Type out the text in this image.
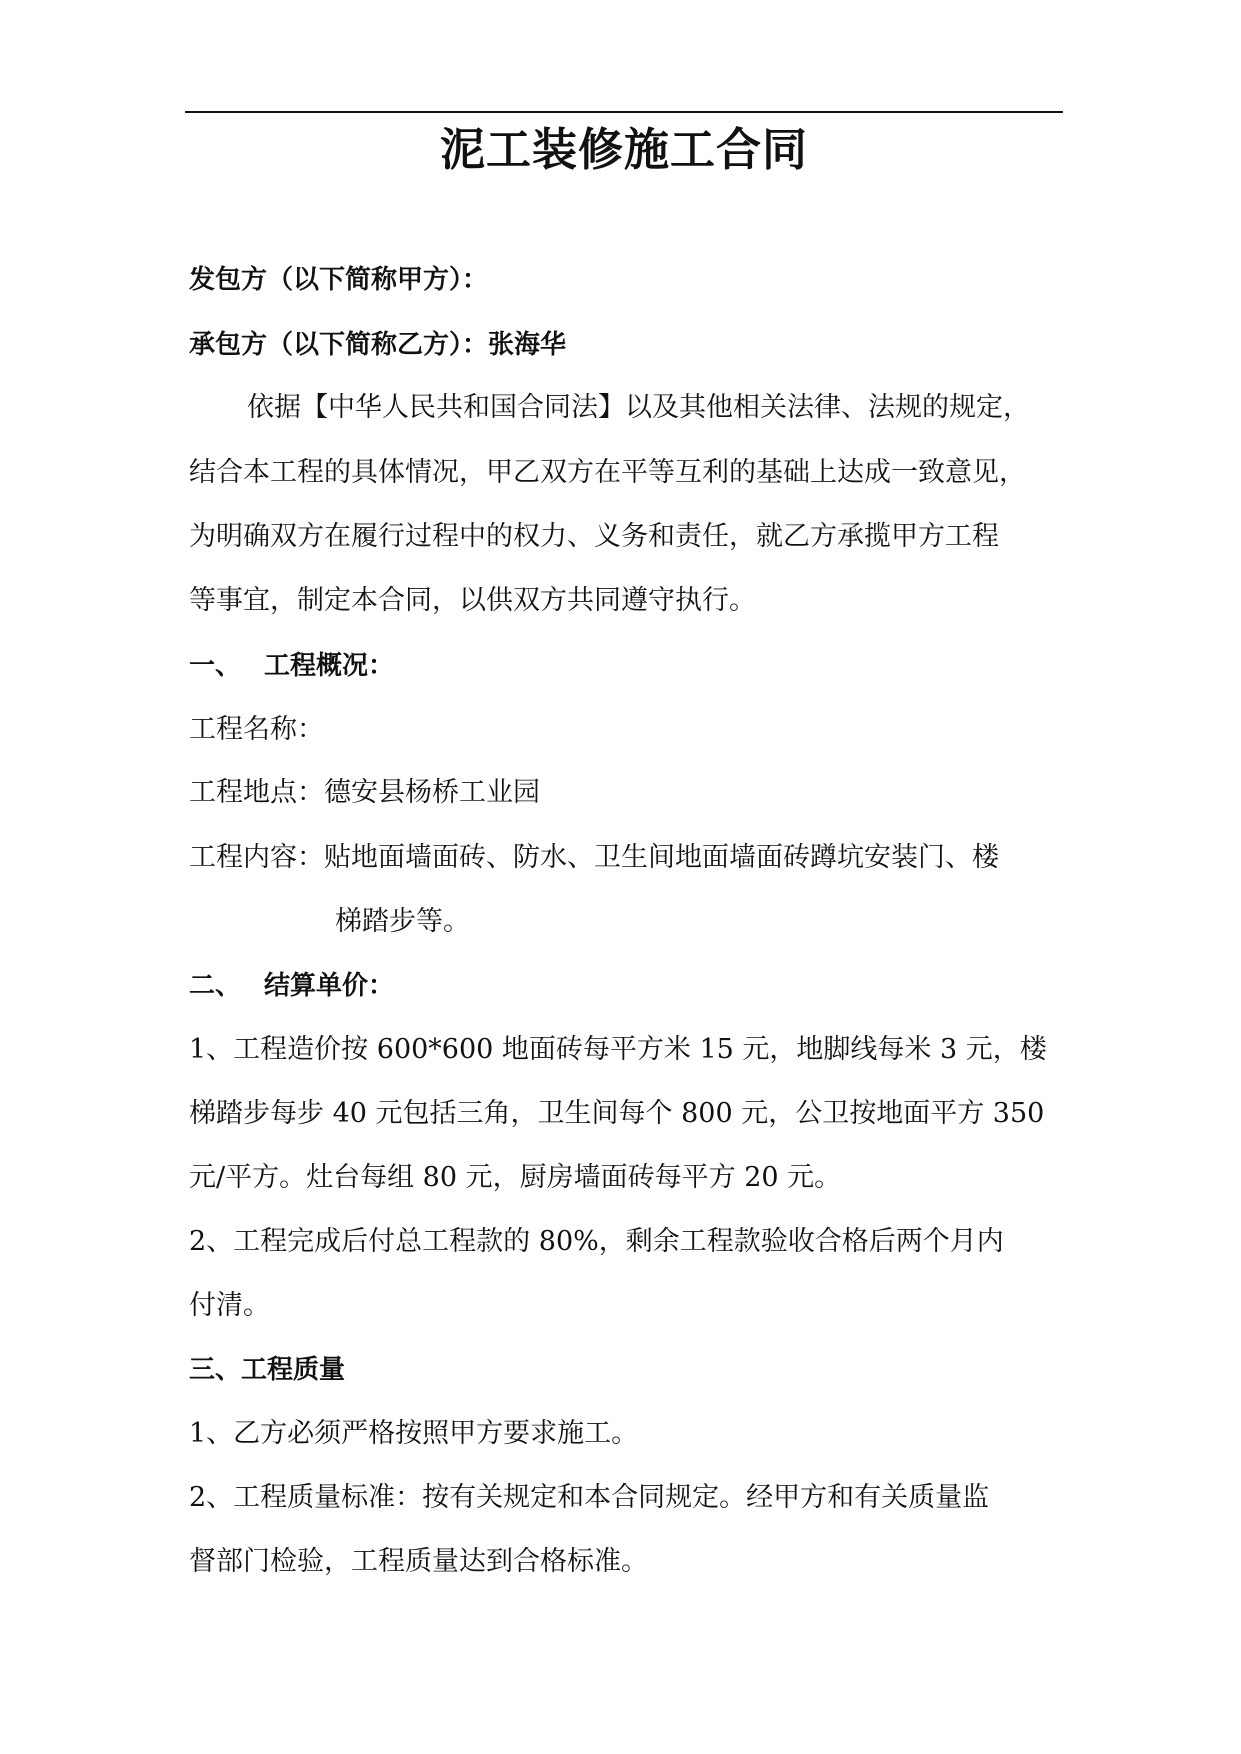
泥工装修施工合同
发包方（以下简称甲方）：
承包方（以下简称乙方）：张海华
依据【中华人民共和国合同法】以及其他相关法律、法规的规定，
结合本工程的具体情况，甲乙双方在平等互利的基础上达成一致意见，
为明确双方在履行过程中的权力、义务和责任，就乙方承揽甲方工程
等事宜，制定本合同，以供双方共同遵守执行。
一、 工程概况：
工程名称：
工程地点：德安县杨桥工业园
工程内容：贴地面墙面砖、防水、卫生间地面墙面砖蹲坑安装门、楼
梯踏步等。
二、 结算单价：
1、工程造价按 600*600 地面砖每平方米 15 元，地脚线每米 3 元，楼
梯踏步每步 40 元包括三角，卫生间每个 800 元，公卫按地面平方 350
元/平方。灶台每组 80 元，厨房墙面砖每平方 20 元。
2、工程完成后付总工程款的 80%，剩余工程款验收合格后两个月内
付清。
三、工程质量
1、乙方必须严格按照甲方要求施工。
2、工程质量标准：按有关规定和本合同规定。经甲方和有关质量监
督部门检验，工程质量达到合格标准。
